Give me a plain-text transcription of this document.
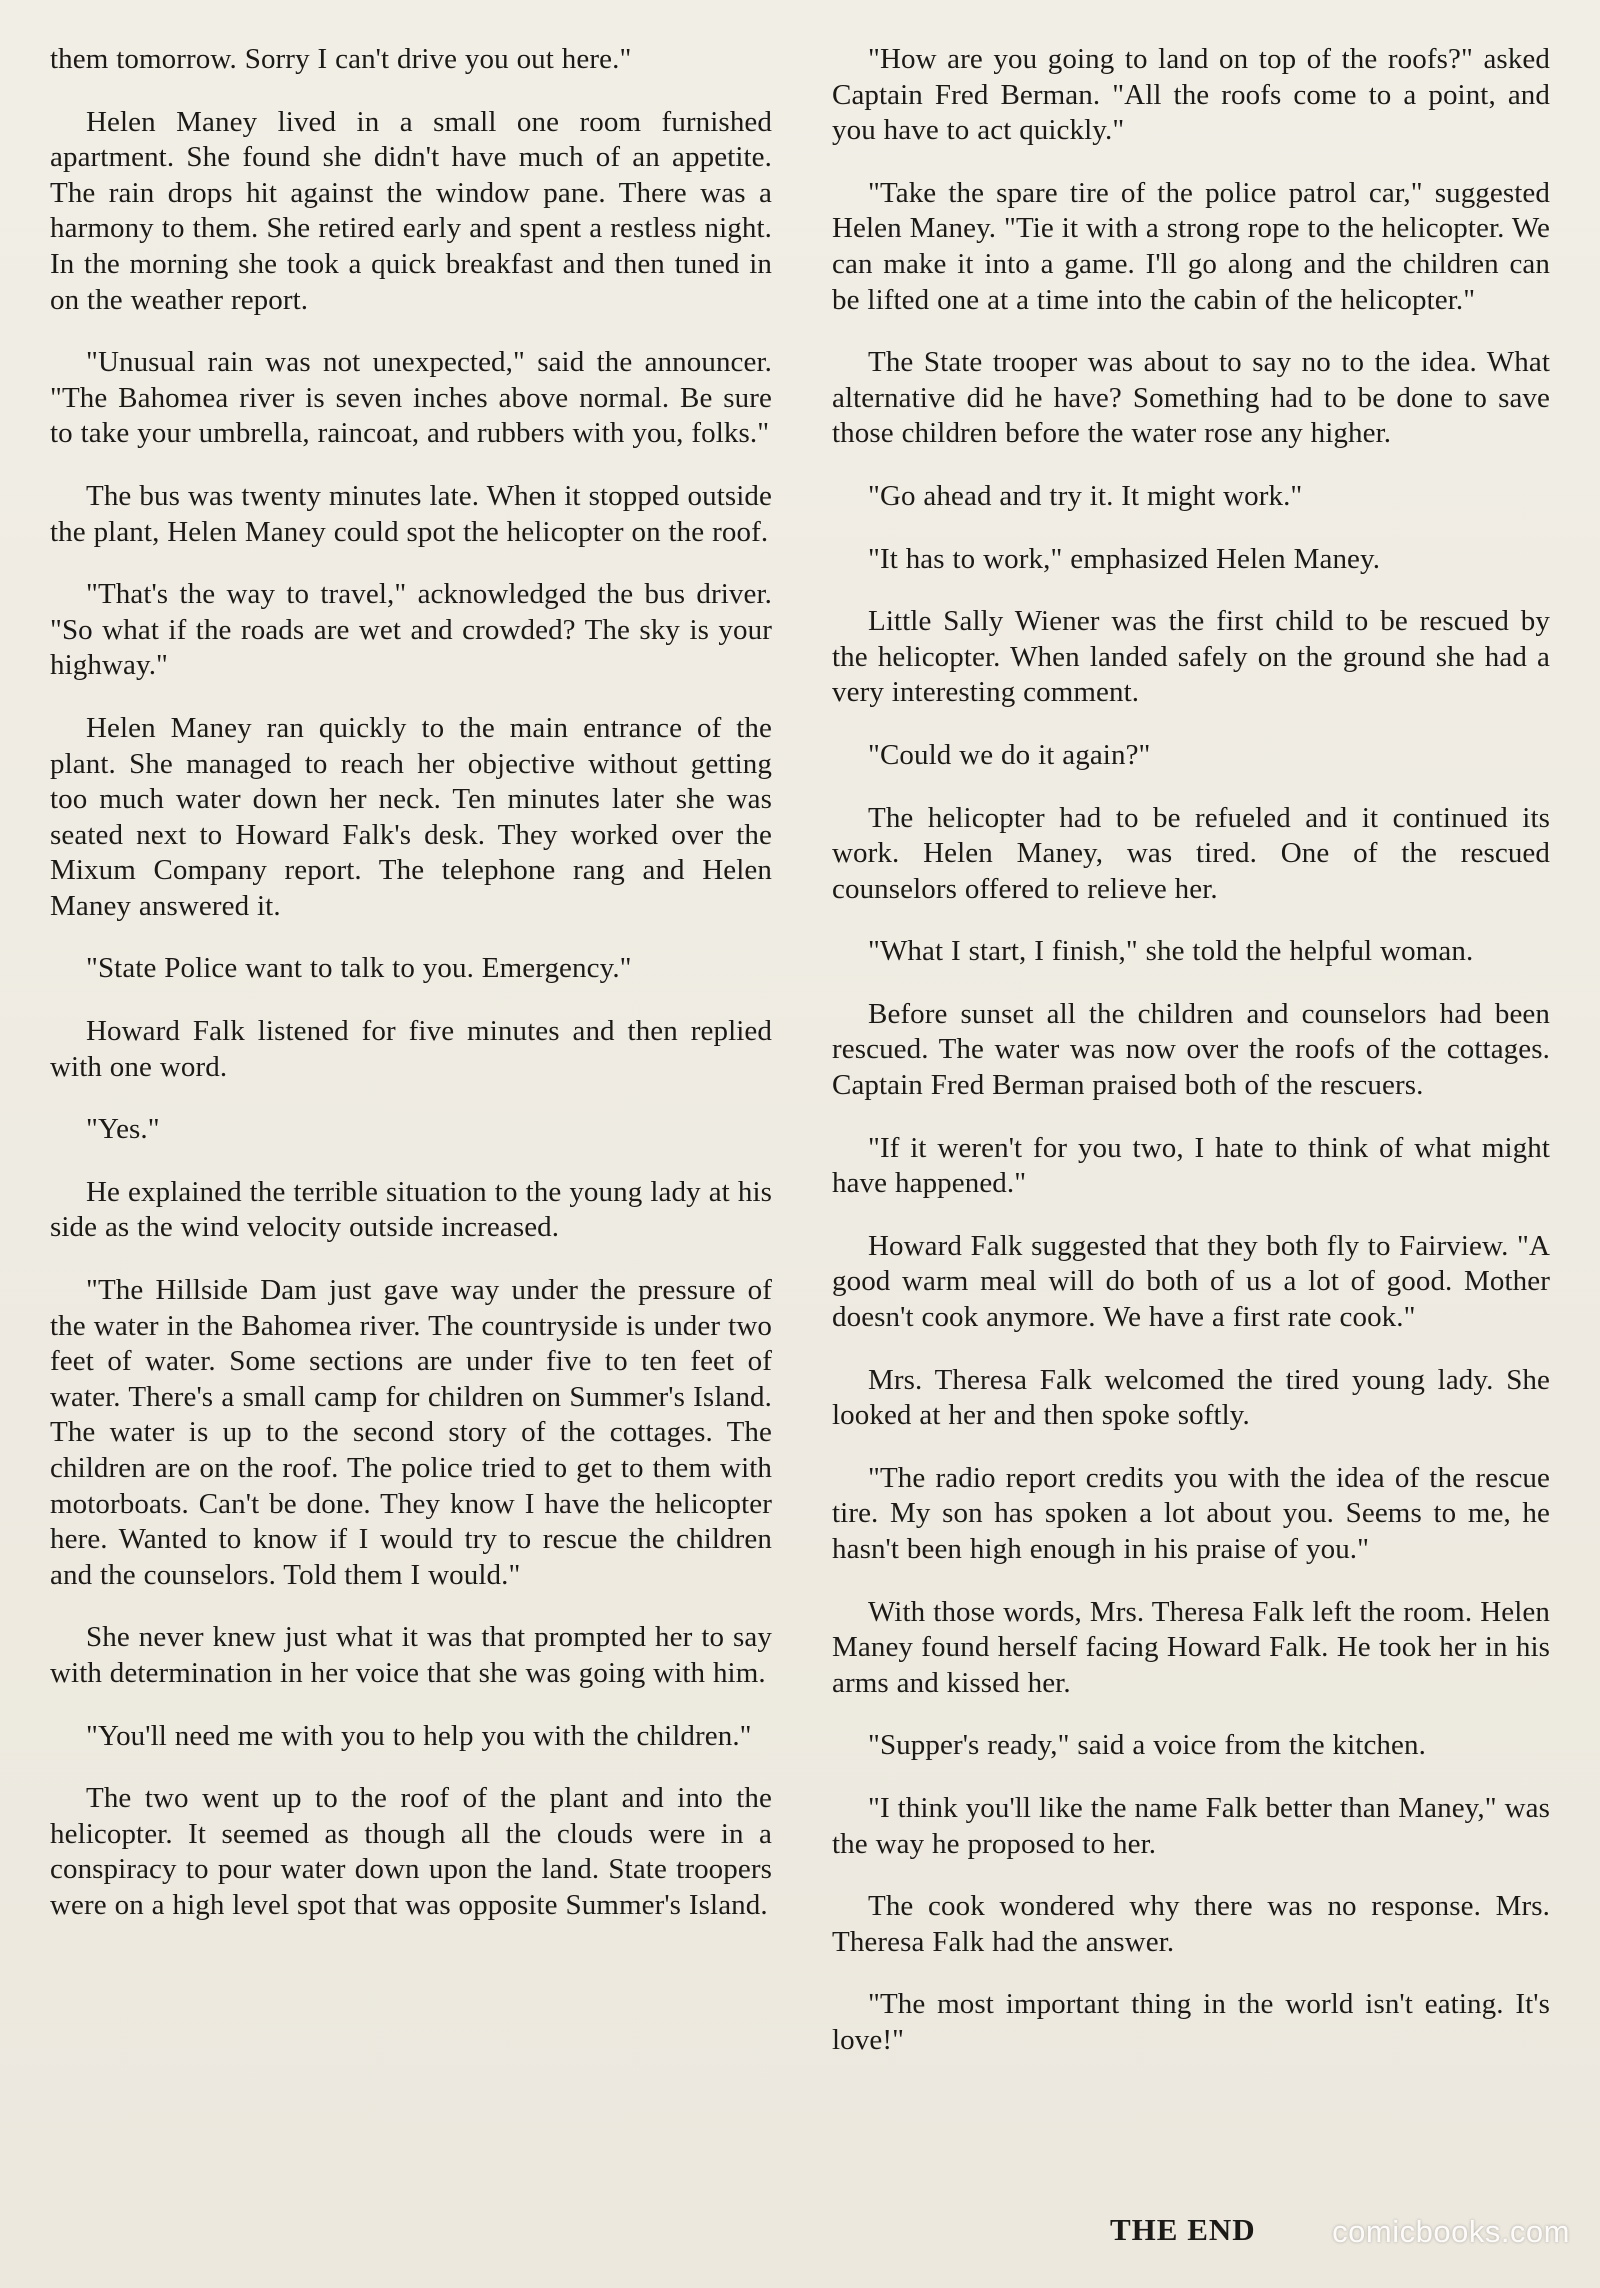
them tomorrow. Sorry I can't drive you out here."

Helen Maney lived in a small one room furnished apartment. She found she didn't have much of an appetite. The rain drops hit against the window pane. There was a harmony to them. She retired early and spent a restless night. In the morning she took a quick breakfast and then tuned in on the weather report.

"Unusual rain was not unexpected," said the announcer. "The Bahomea river is seven inches above normal. Be sure to take your umbrella, raincoat, and rubbers with you, folks."

The bus was twenty minutes late. When it stopped outside the plant, Helen Maney could spot the helicopter on the roof.

"That's the way to travel," acknowledged the bus driver. "So what if the roads are wet and crowded? The sky is your highway."

Helen Maney ran quickly to the main entrance of the plant. She managed to reach her objective without getting too much water down her neck. Ten minutes later she was seated next to Howard Falk's desk. They worked over the Mixum Company report. The telephone rang and Helen Maney answered it.

"State Police want to talk to you. Emergency."

Howard Falk listened for five minutes and then replied with one word.

"Yes."

He explained the terrible situation to the young lady at his side as the wind velocity outside increased.

"The Hillside Dam just gave way under the pressure of the water in the Bahomea river. The countryside is under two feet of water. Some sections are under five to ten feet of water. There's a small camp for children on Summer's Island. The water is up to the second story of the cottages. The children are on the roof. The police tried to get to them with motorboats. Can't be done. They know I have the helicopter here. Wanted to know if I would try to rescue the children and the counselors. Told them I would."

She never knew just what it was that prompted her to say with determination in her voice that she was going with him.

"You'll need me with you to help you with the children."

The two went up to the roof of the plant and into the helicopter. It seemed as though all the clouds were in a conspiracy to pour water down upon the land. State troopers were on a high level spot that was opposite Summer's Island.

"How are you going to land on top of the roofs?" asked Captain Fred Berman. "All the roofs come to a point, and you have to act quickly."

"Take the spare tire of the police patrol car," suggested Helen Maney. "Tie it with a strong rope to the helicopter. We can make it into a game. I'll go along and the children can be lifted one at a time into the cabin of the helicopter."

The State trooper was about to say no to the idea. What alternative did he have? Something had to be done to save those children before the water rose any higher.

"Go ahead and try it. It might work."

"It has to work," emphasized Helen Maney.

Little Sally Wiener was the first child to be rescued by the helicopter. When landed safely on the ground she had a very interesting comment.

"Could we do it again?"

The helicopter had to be refueled and it continued its work. Helen Maney, was tired. One of the rescued counselors offered to relieve her.

"What I start, I finish," she told the helpful woman.

Before sunset all the children and counselors had been rescued. The water was now over the roofs of the cottages. Captain Fred Berman praised both of the rescuers.

"If it weren't for you two, I hate to think of what might have happened."

Howard Falk suggested that they both fly to Fairview. "A good warm meal will do both of us a lot of good. Mother doesn't cook anymore. We have a first rate cook."

Mrs. Theresa Falk welcomed the tired young lady. She looked at her and then spoke softly.

"The radio report credits you with the idea of the rescue tire. My son has spoken a lot about you. Seems to me, he hasn't been high enough in his praise of you."

With those words, Mrs. Theresa Falk left the room. Helen Maney found herself facing Howard Falk. He took her in his arms and kissed her.

"Supper's ready," said a voice from the kitchen.

"I think you'll like the name Falk better than Maney," was the way he proposed to her.

The cook wondered why there was no response. Mrs. Theresa Falk had the answer.

"The most important thing in the world isn't eating. It's love!"

THE END comicbooks.com
